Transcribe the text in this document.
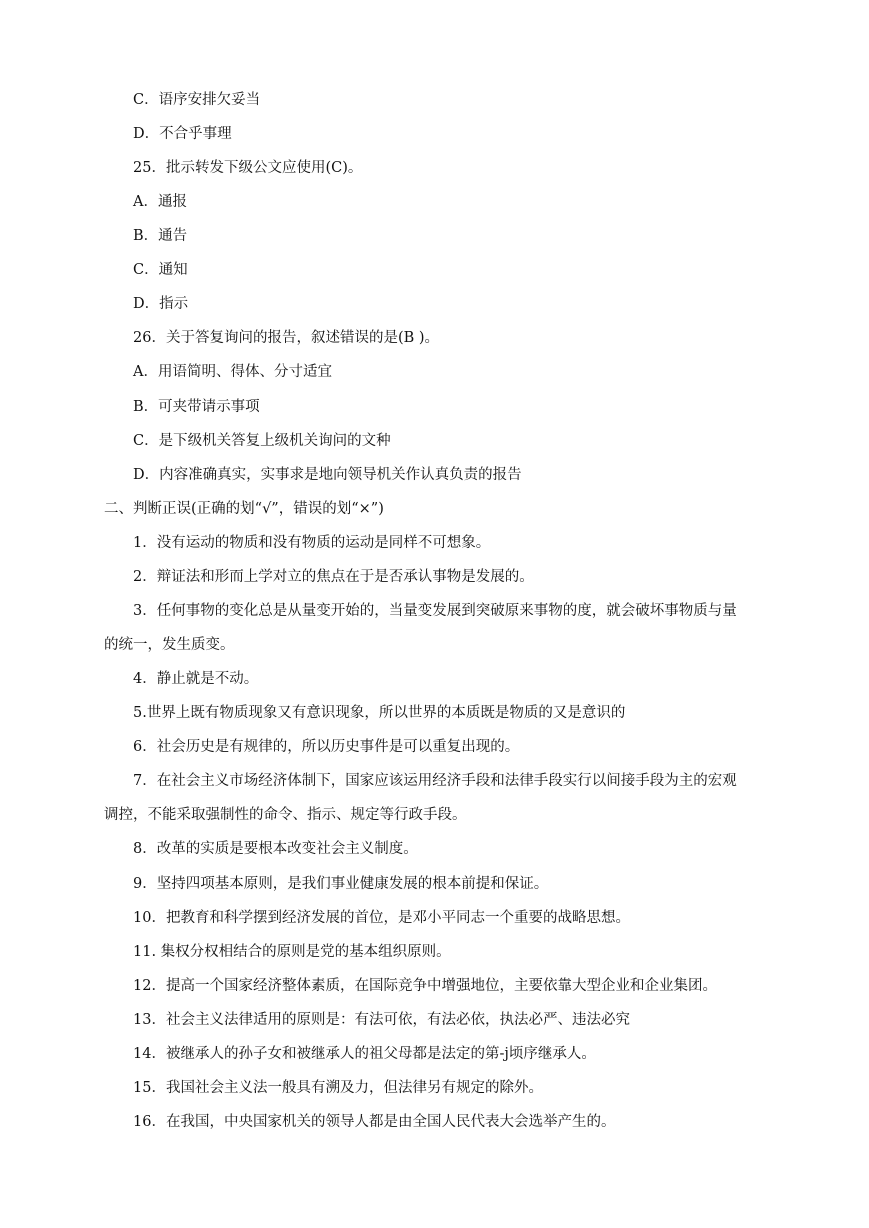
C．语序安排欠妥当
D．不合乎事理
25．批示转发下级公文应使用(C)。
A．通报
B．通告
C．通知
D．指示
26．关于答复询问的报告，叙述错误的是(B )。
A．用语简明、得体、分寸适宜
B．可夹带请示事项
C．是下级机关答复上级机关询问的文种
D．内容准确真实，实事求是地向领导机关作认真负责的报告
二、判断正误(正确的划“√”，错误的划“×”)
1．没有运动的物质和没有物质的运动是同样不可想象。
2．辩证法和形而上学对立的焦点在于是否承认事物是发展的。
3．任何事物的变化总是从量变开始的，当量变发展到突破原来事物的度，就会破坏事物质与量
的统一，发生质变。
4．静止就是不动。
5.世界上既有物质现象又有意识现象，所以世界的本质既是物质的又是意识的
6．社会历史是有规律的，所以历史事件是可以重复出现的。
7．在社会主义市场经济体制下，国家应该运用经济手段和法律手段实行以间接手段为主的宏观
调控，不能采取强制性的命令、指示、规定等行政手段。
8．改革的实质是要根本改变社会主义制度。
9．坚持四项基本原则，是我们事业健康发展的根本前提和保证。
10．把教育和科学摆到经济发展的首位，是邓小平同志一个重要的战略思想。
11. 集权分权相结合的原则是党的基本组织原则。
12．提高一个国家经济整体素质，在国际竞争中增强地位，主要依靠大型企业和企业集团。
13．社会主义法律适用的原则是：有法可依，有法必依，执法必严、违法必究
14．被继承人的孙子女和被继承人的祖父母都是法定的第-j顷序继承人。
15．我国社会主义法一般具有溯及力，但法律另有规定的除外。
16．在我国，中央国家机关的领导人都是由全国人民代表大会选举产生的。
